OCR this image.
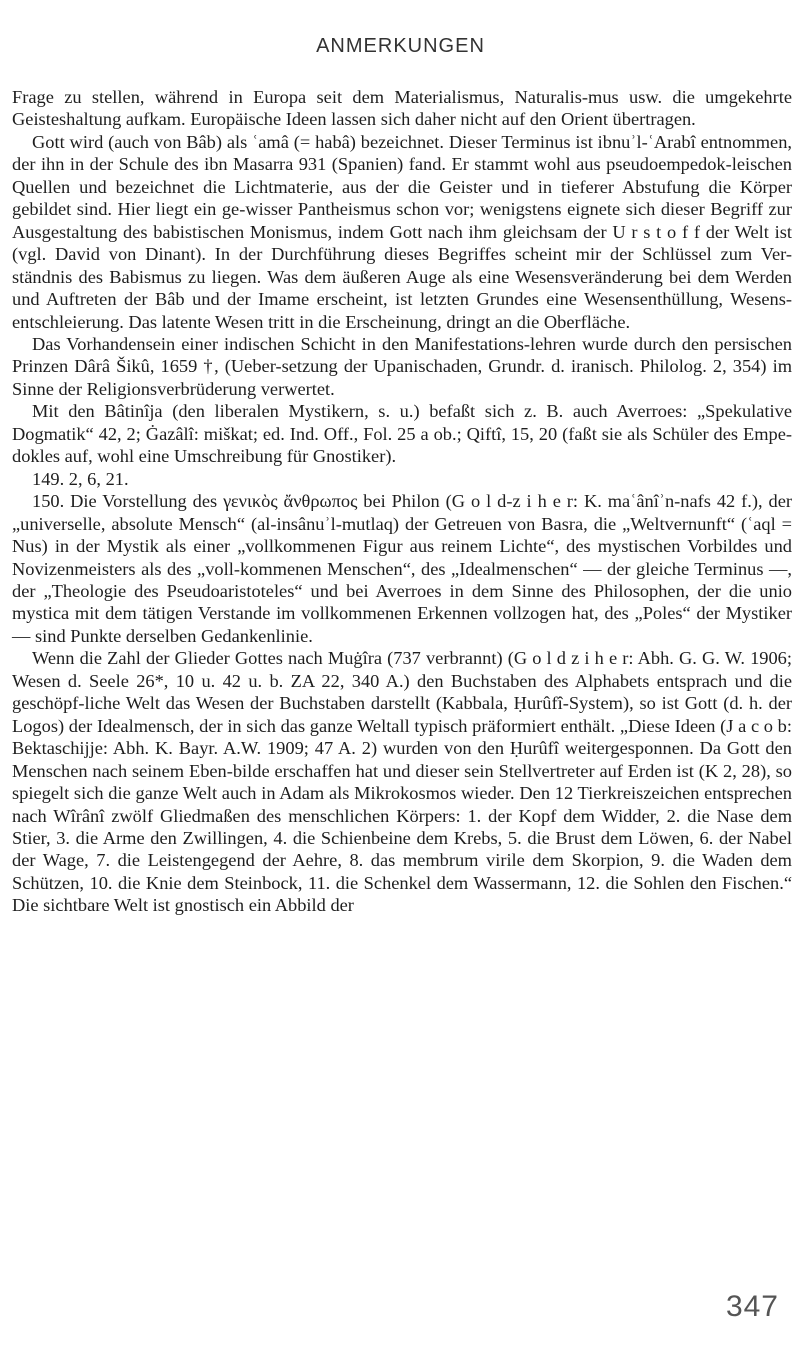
ANMERKUNGEN

Frage zu stellen, während in Europa seit dem Materialismus, Naturalis-mus usw. die umgekehrte Geisteshaltung aufkam. Europäische Ideen lassen sich daher nicht auf den Orient übertragen.

Gott wird (auch von Bâb) als ʿamâ (= habâ) bezeichnet. Dieser Terminus ist ibnuʾl-ʿArabî entnommen, der ihn in der Schule des ibn Masarra 931 (Spanien) fand. Er stammt wohl aus pseudoempedok-leischen Quellen und bezeichnet die Lichtmaterie, aus der die Geister und in tieferer Abstufung die Körper gebildet sind. Hier liegt ein ge-wisser Pantheismus schon vor; wenigstens eignete sich dieser Begriff zur Ausgestaltung des babistischen Monismus, indem Gott nach ihm gleichsam der U r s t o f f der Welt ist (vgl. David von Dinant). In der Durchführung dieses Begriffes scheint mir der Schlüssel zum Ver-ständnis des Babismus zu liegen. Was dem äußeren Auge als eine Wesensveränderung bei dem Werden und Auftreten der Bâb und der Imame erscheint, ist letzten Grundes eine Wesensenthüllung, Wesens-entschleierung. Das latente Wesen tritt in die Erscheinung, dringt an die Oberfläche.

Das Vorhandensein einer indischen Schicht in den Manifestations-lehren wurde durch den persischen Prinzen Dârâ Šikû, 1659 †, (Ueber-setzung der Upanischaden, Grundr. d. iranisch. Philolog. 2, 354) im Sinne der Religionsverbrüderung verwertet.

Mit den Bâtinîja (den liberalen Mystikern, s. u.) befaßt sich z. B. auch Averroes: „Spekulative Dogmatik“ 42, 2; Ġazâlî: miškat; ed. Ind. Off., Fol. 25 a ob.; Qiftî, 15, 20 (faßt sie als Schüler des Empe-dokles auf, wohl eine Umschreibung für Gnostiker).

149. 2, 6, 21.

150. Die Vorstellung des γενικὸς ἄνθρωπος bei Philon (G o l d-z i h e r: K. maʿânîʾn-nafs 42 f.), der „universelle, absolute Mensch“ (al-insânuʾl-mutlaq) der Getreuen von Basra, die „Weltvernunft“ (ʿaql = Nus) in der Mystik als einer „vollkommenen Figur aus reinem Lichte“, des mystischen Vorbildes und Novizenmeisters als des „voll-kommenen Menschen“, des „Idealmenschen“ — der gleiche Terminus —, der „Theologie des Pseudoaristoteles“ und bei Averroes in dem Sinne des Philosophen, der die unio mystica mit dem tätigen Verstande im vollkommenen Erkennen vollzogen hat, des „Poles“ der Mystiker — sind Punkte derselben Gedankenlinie.

Wenn die Zahl der Glieder Gottes nach Muġîra (737 verbrannt) (G o l d z i h e r: Abh. G. G. W. 1906; Wesen d. Seele 26*, 10 u. 42 u. b. ZA 22, 340 A.) den Buchstaben des Alphabets entsprach und die geschöpf-liche Welt das Wesen der Buchstaben darstellt (Kabbala, Ḥurûfî-System), so ist Gott (d. h. der Logos) der Idealmensch, der in sich das ganze Weltall typisch präformiert enthält. „Diese Ideen (J a c o b: Bektaschijje: Abh. K. Bayr. A.W. 1909; 47 A. 2) wurden von den Ḥurûfî weitergesponnen. Da Gott den Menschen nach seinem Eben-bilde erschaffen hat und dieser sein Stellvertreter auf Erden ist (K 2, 28), so spiegelt sich die ganze Welt auch in Adam als Mikrokosmos wieder. Den 12 Tierkreiszeichen entsprechen nach Wîrânî zwölf Gliedmaßen des menschlichen Körpers: 1. der Kopf dem Widder, 2. die Nase dem Stier, 3. die Arme den Zwillingen, 4. die Schienbeine dem Krebs, 5. die Brust dem Löwen, 6. der Nabel der Wage, 7. die Leistengegend der Aehre, 8. das membrum virile dem Skorpion, 9. die Waden dem Schützen, 10. die Knie dem Steinbock, 11. die Schenkel dem Wassermann, 12. die Sohlen den Fischen.“ Die sichtbare Welt ist gnostisch ein Abbild der

347
